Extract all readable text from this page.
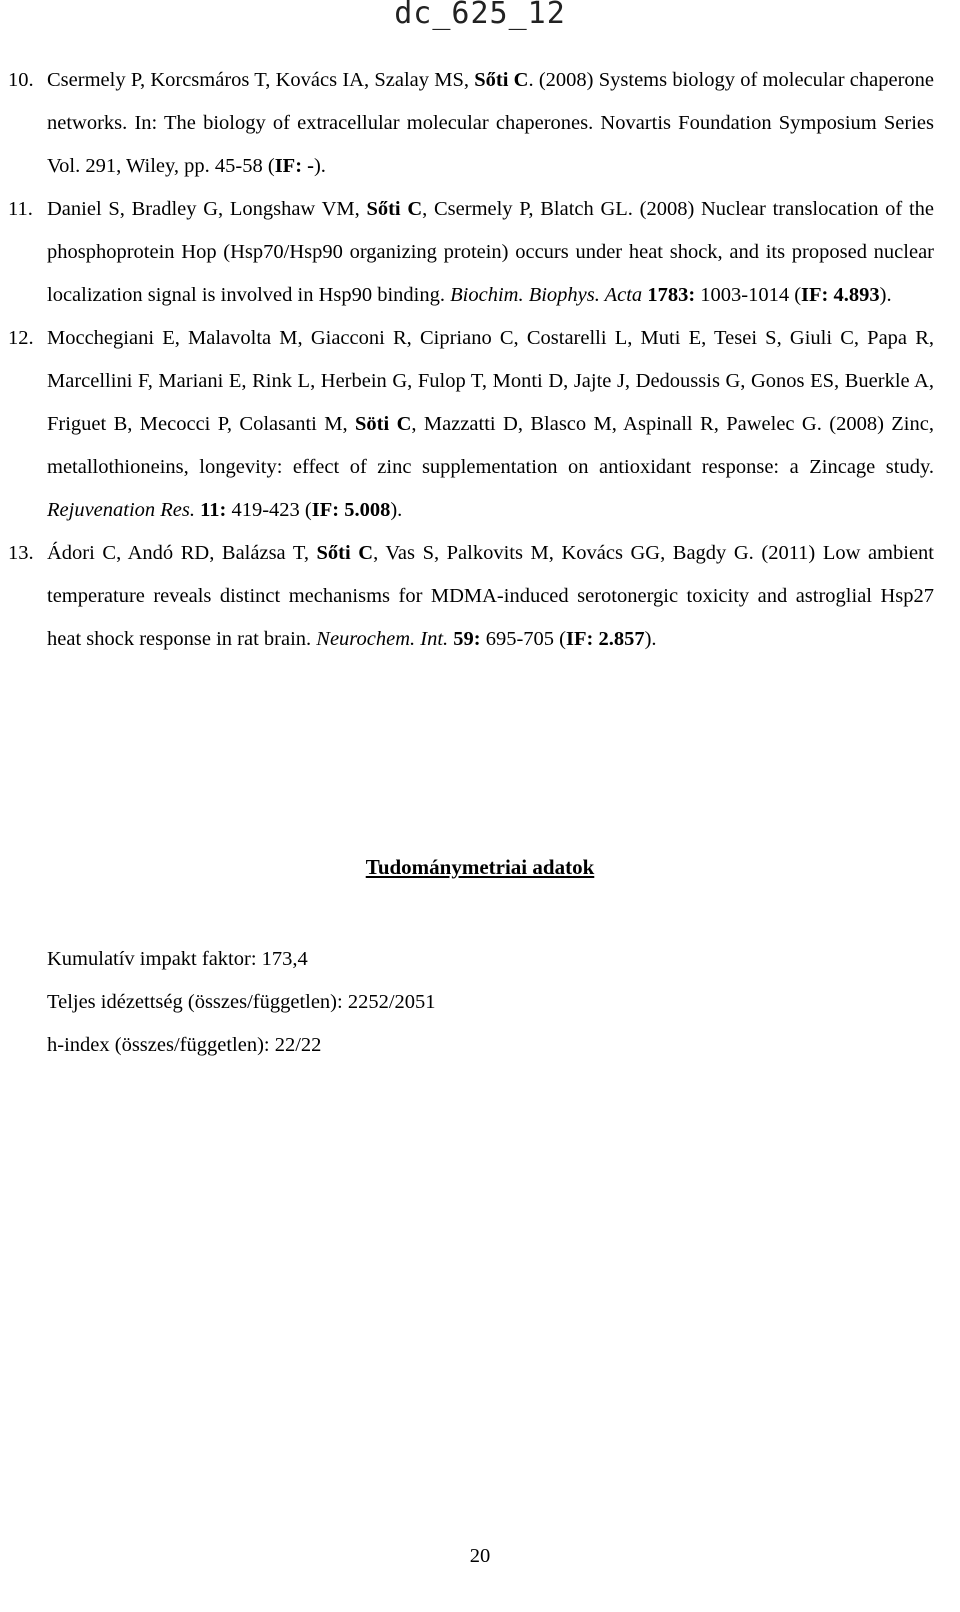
dc_625_12
10. Csermely P, Korcsmáros T, Kovács IA, Szalay MS, Sőti C. (2008) Systems biology of molecular chaperone networks. In: The biology of extracellular molecular chaperones. Novartis Foundation Symposium Series Vol. 291, Wiley, pp. 45-58 (IF: -).
11. Daniel S, Bradley G, Longshaw VM, Sőti C, Csermely P, Blatch GL. (2008) Nuclear translocation of the phosphoprotein Hop (Hsp70/Hsp90 organizing protein) occurs under heat shock, and its proposed nuclear localization signal is involved in Hsp90 binding. Biochim. Biophys. Acta 1783: 1003-1014 (IF: 4.893).
12. Mocchegiani E, Malavolta M, Giacconi R, Cipriano C, Costarelli L, Muti E, Tesei S, Giuli C, Papa R, Marcellini F, Mariani E, Rink L, Herbein G, Fulop T, Monti D, Jajte J, Dedoussis G, Gonos ES, Buerkle A, Friguet B, Mecocci P, Colasanti M, Söti C, Mazzatti D, Blasco M, Aspinall R, Pawelec G. (2008) Zinc, metallothioneins, longevity: effect of zinc supplementation on antioxidant response: a Zincage study. Rejuvenation Res. 11: 419-423 (IF: 5.008).
13. Ádori C, Andó RD, Balázsa T, Sőti C, Vas S, Palkovits M, Kovács GG, Bagdy G. (2011) Low ambient temperature reveals distinct mechanisms for MDMA-induced serotonergic toxicity and astroglial Hsp27 heat shock response in rat brain. Neurochem. Int. 59: 695-705 (IF: 2.857).
Tudománymetriai adatok
Kumulatív impakt faktor: 173,4
Teljes idézettség (összes/független): 2252/2051
h-index (összes/független): 22/22
20
